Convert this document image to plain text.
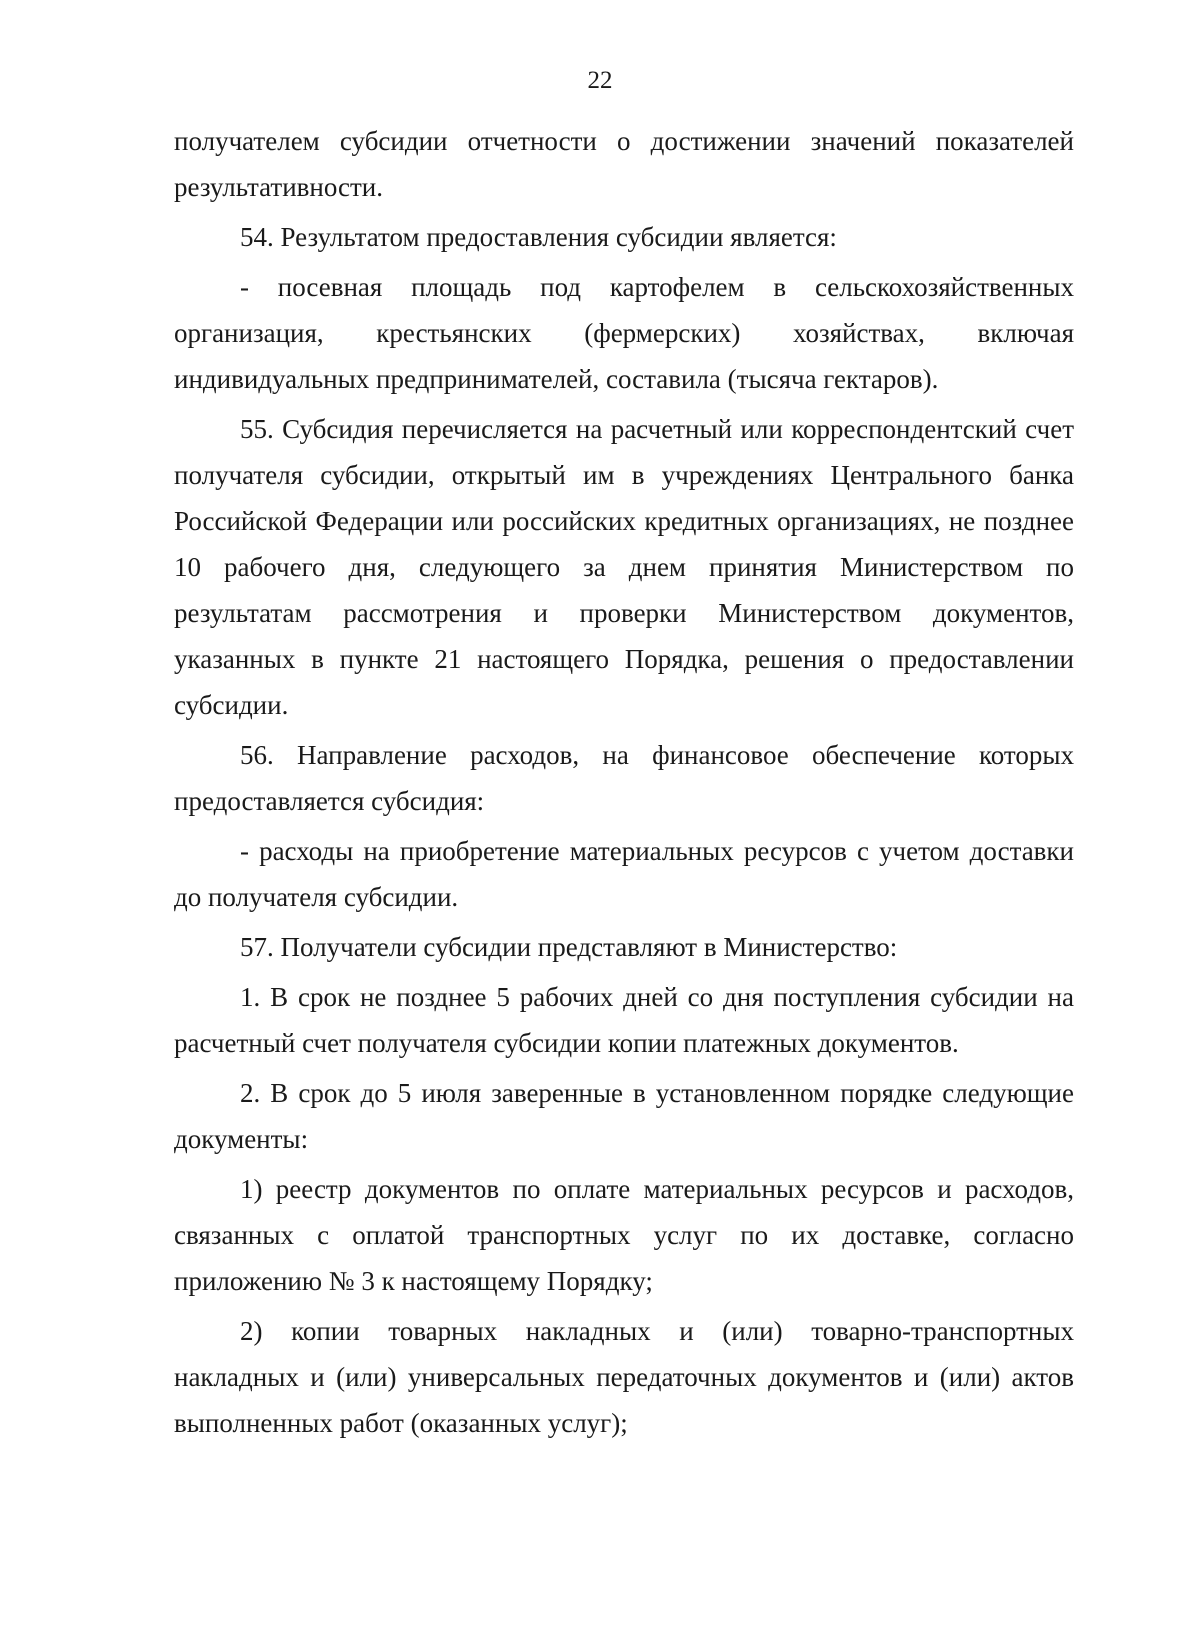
22

получателем субсидии отчетности о достижении значений показателей результативности.

54. Результатом предоставления субсидии является:

- посевная площадь под картофелем в сельскохозяйственных организация, крестьянских (фермерских) хозяйствах, включая индивидуальных предпринимателей, составила (тысяча гектаров).

55. Субсидия перечисляется на расчетный или корреспондентский счет получателя субсидии, открытый им в учреждениях Центрального банка Российской Федерации или российских кредитных организациях, не позднее 10 рабочего дня, следующего за днем принятия Министерством по результатам рассмотрения и проверки Министерством документов, указанных в пункте 21 настоящего Порядка, решения о предоставлении субсидии.

56. Направление расходов, на финансовое обеспечение которых предоставляется субсидия:

- расходы на приобретение материальных ресурсов с учетом доставки до получателя субсидии.

57. Получатели субсидии представляют в Министерство:

1. В срок не позднее 5 рабочих дней со дня поступления субсидии на расчетный счет получателя субсидии копии платежных документов.

2. В срок до 5 июля заверенные в установленном порядке следующие документы:

1) реестр документов по оплате материальных ресурсов и расходов, связанных с оплатой транспортных услуг по их доставке, согласно приложению № 3 к настоящему Порядку;

2) копии товарных накладных и (или) товарно-транспортных накладных и (или) универсальных передаточных документов и (или) актов выполненных работ (оказанных услуг);
